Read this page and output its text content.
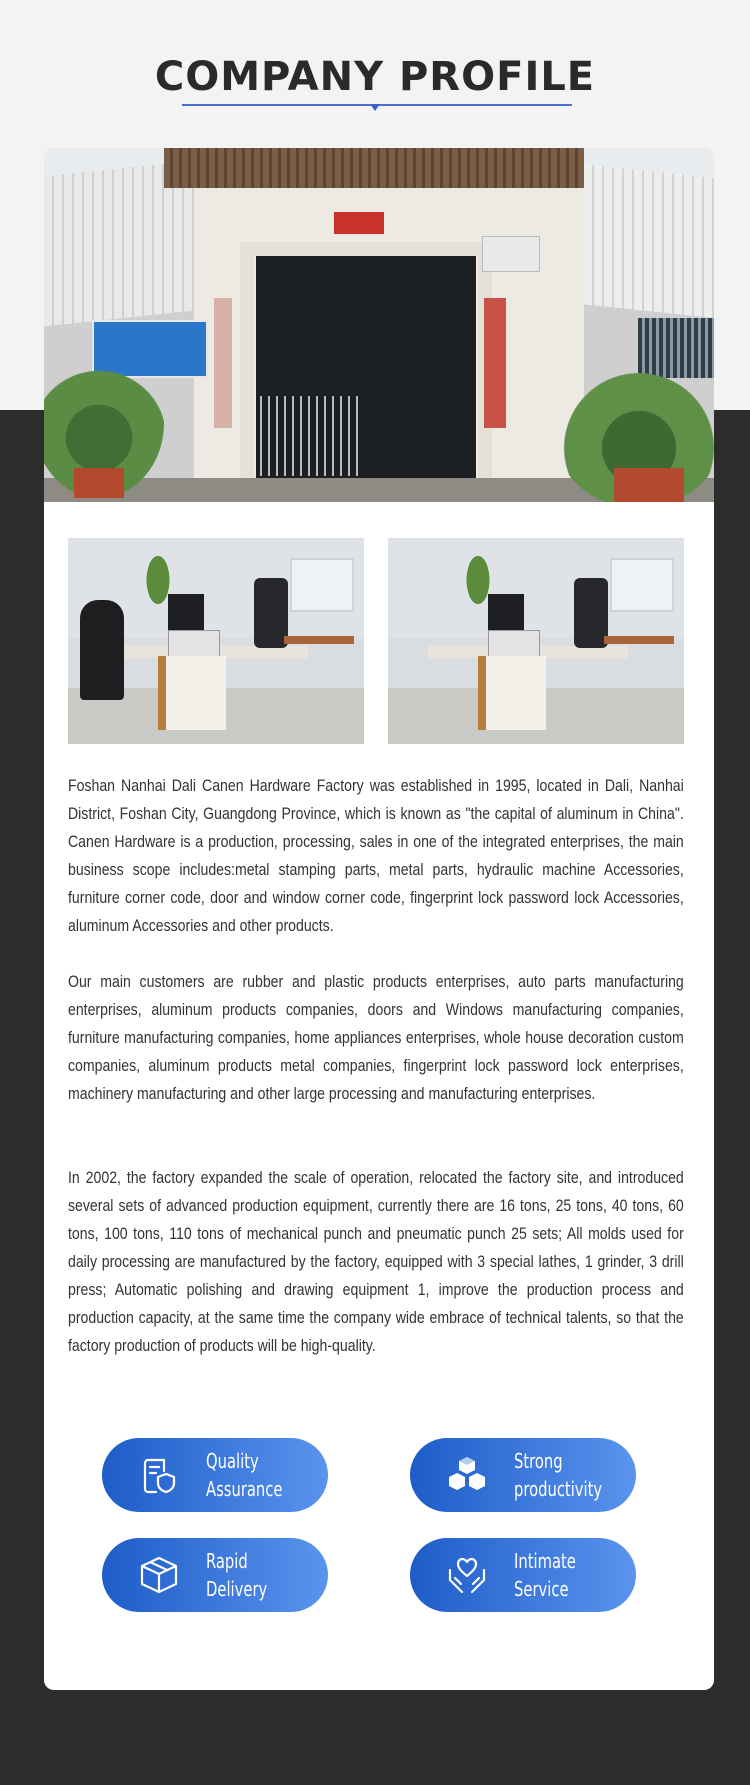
COMPANY PROFILE

Foshan Nanhai Dali Canen Hardware Factory was established in 1995, located in Dali, Nanhai District, Foshan City, Guangdong Province, which is known as "the capital of aluminum in China". Canen Hardware is a production, processing, sales in one of the integrated enterprises, the main business scope includes:metal stamping parts, metal parts, hydraulic machine Accessories, furniture corner code, door and window corner code, fingerprint lock password lock Accessories, aluminum Accessories and other products.

Our main customers are rubber and plastic products enterprises, auto parts manufacturing enterprises, aluminum products companies, doors and Windows manufacturing companies, furniture manufacturing companies, home appliances enterprises, whole house decoration custom companies, aluminum products metal companies, fingerprint lock password lock enterprises, machinery manufacturing and other large processing and manufacturing enterprises.

In 2002, the factory expanded the scale of operation, relocated the factory site, and introduced several sets of advanced production equipment, currently there are 16 tons, 25 tons, 40 tons, 60 tons, 100 tons, 110 tons of mechanical punch and pneumatic punch 25 sets; All molds used for daily processing are manufactured by the factory, equipped with 3 special lathes, 1 grinder, 3 drill press; Automatic polishing and drawing equipment 1, improve the production process and production capacity, at the same time the company wide embrace of technical talents, so that the factory production of products will be high-quality.

Quality
Assurance
Strong
productivity
Rapid
Delivery
Intimate
Service
